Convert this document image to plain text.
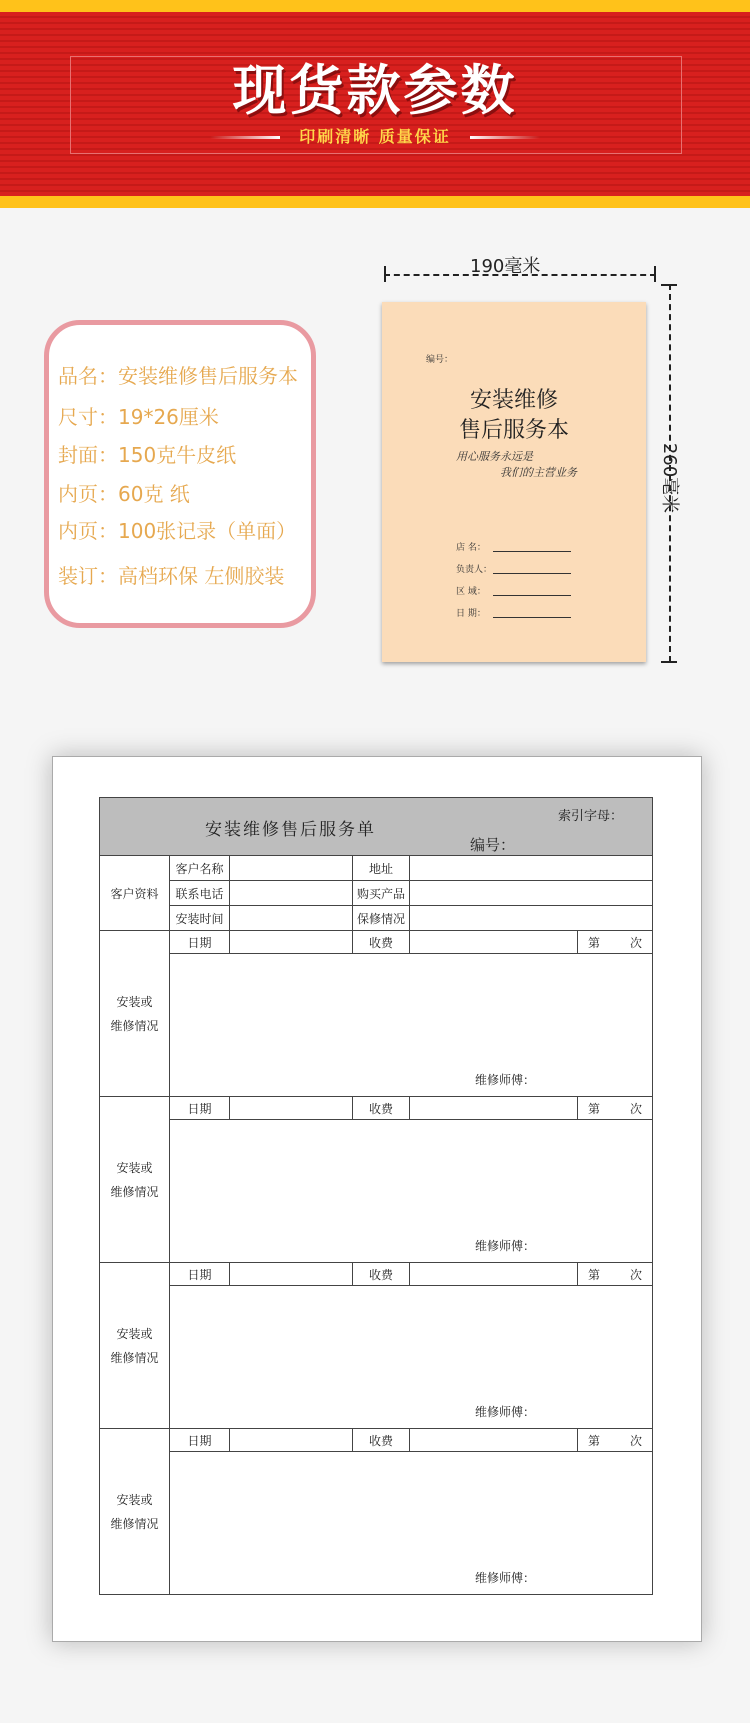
现货款参数
印刷清晰 质量保证
品名：安装维修售后服务本
尺寸：19*26厘米
封面：150克牛皮纸
内页：60克 纸
内页：100张记录（单面）
装订：高档环保 左侧胶装
190毫米
260毫米
编号：
安装维修
售后服务本
用心服务永远是
我们的主营业务
店 名：
负责人：
区 域：
日 期：
安装维修售后服务单
索引字母：
编号：					

客户资料	客户名称		地址		
	联系电话		购买产品		
	安装时间		保修情况		
安装或
维修情况	日期		收费		第 次

	维修师傅：				

安装或
维修情况	日期		收费		第 次

	维修师傅：				

安装或
维修情况	日期		收费		第 次

	维修师傅：				

安装或
维修情况	日期		收费		第 次

	维修师傅：				
